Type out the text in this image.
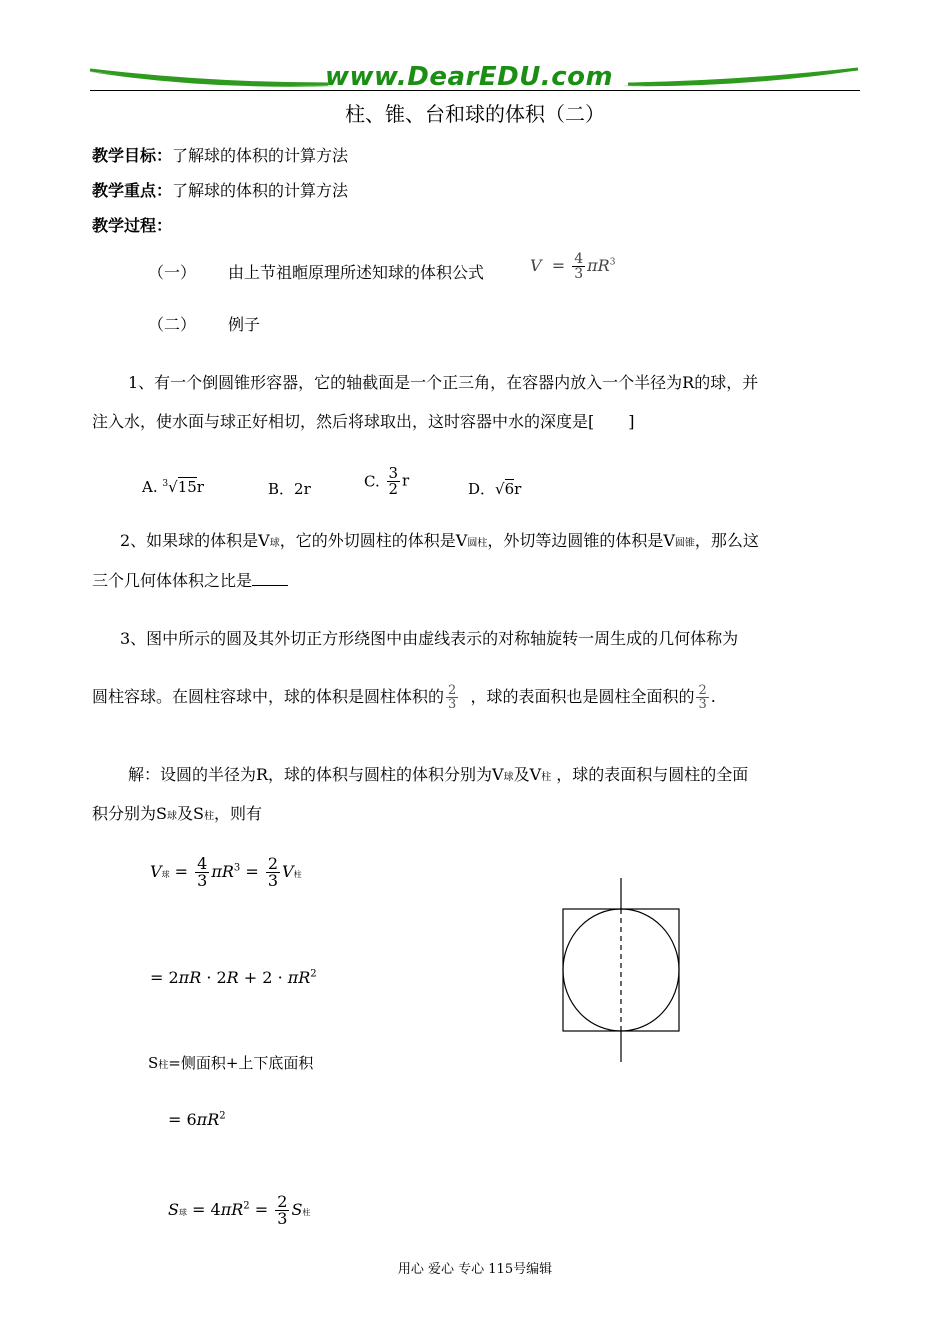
www.DearEDU.com
柱、锥、台和球的体积（二）
教学目标：了解球的体积的计算方法
教学重点：了解球的体积的计算方法
教学过程：
（一） 由上节祖暅原理所述知球的体积公式	$V = \frac{4}{3} \pi R^3$
（二） 例子
1、有一个倒圆锥形容器，它的轴截面是一个正三角，在容器内放入一个半径为R的球，并
注入水，使水面与球正好相切，然后将球取出，这时容器中水的深度是[ ]
A. $^3$√15r	B．2r	C. $\frac{3}{2}$ r	D．√6r
2、如果球的体积是V球，它的外切圆柱的体积是V圆柱，外切等边圆锥的体积是V圆锥，那么这
三个几何体体积之比是
3、图中所示的圆及其外切正方形绕图中由虚线表示的对称轴旋转一周生成的几何体称为
圆柱容球。在圆柱容球中，球的体积是圆柱体积的 $\frac{2}{3}$ ，球的表面积也是圆柱全面积的 $\frac{2}{3}$ .
解：设圆的半径为R，球的体积与圆柱的体积分别为V球及V柱 ，球的表面积与圆柱的全面
积分别为S球及S柱，则有
V球 = $\frac{4}{3} \pi R^3 = \frac{2}{3}$ V柱
= $2\pi R \cdot 2R + 2 \cdot \pi R^2$
S柱=侧面积+上下底面积
= $6\pi R^2$
S球 = $4\pi R^2 = \frac{2}{3}$ S柱
用心 爱心 专心 115号编辑
